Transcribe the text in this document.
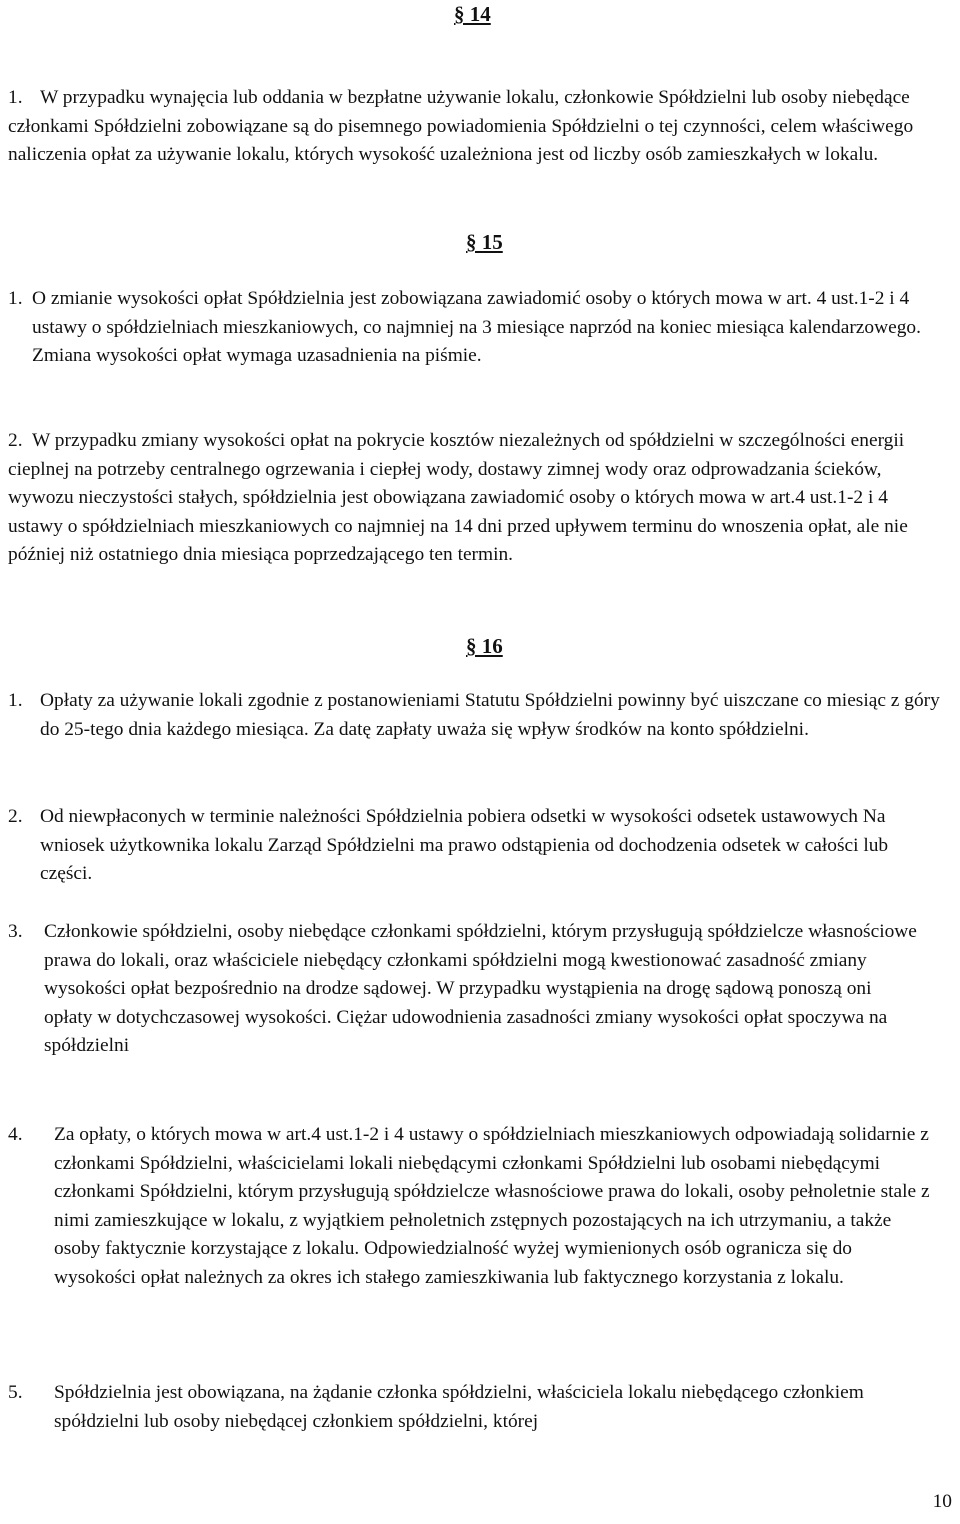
§ 14
1. W przypadku wynajęcia lub oddania w bezpłatne używanie lokalu, członkowie Spółdzielni lub osoby niebędące członkami Spółdzielni zobowiązane są do pisemnego powiadomienia Spółdzielni o tej czynności, celem właściwego naliczenia opłat za używanie lokalu, których wysokość uzależniona jest od liczby osób zamieszkałych w lokalu.
§ 15
1. O zmianie wysokości opłat Spółdzielnia jest zobowiązana zawiadomić osoby o których mowa w art. 4 ust.1-2 i 4 ustawy o spółdzielniach mieszkaniowych, co najmniej na 3 miesiące naprzód na koniec miesiąca kalendarzowego. Zmiana wysokości opłat wymaga uzasadnienia na piśmie.
2. W przypadku zmiany wysokości opłat na pokrycie kosztów niezależnych od spółdzielni w szczególności energii cieplnej na potrzeby centralnego ogrzewania i ciepłej wody, dostawy zimnej wody oraz odprowadzania ścieków, wywozu nieczystości stałych, spółdzielnia jest obowiązana zawiadomić osoby o których mowa w art.4 ust.1-2 i 4 ustawy o spółdzielniach mieszkaniowych co najmniej na 14 dni przed upływem terminu do wnoszenia opłat, ale nie później niż ostatniego dnia miesiąca poprzedzającego ten termin.
§ 16
1. Opłaty za używanie lokali zgodnie z postanowieniami Statutu Spółdzielni powinny być uiszczane co miesiąc z góry do 25-tego dnia każdego miesiąca. Za datę zapłaty uważa się wpływ środków na konto spółdzielni.
2. Od niewpłaconych w terminie należności Spółdzielnia pobiera odsetki w wysokości odsetek ustawowych Na wniosek użytkownika lokalu Zarząd Spółdzielni ma prawo odstąpienia od dochodzenia odsetek w całości lub części.
3. Członkowie spółdzielni, osoby niebędące członkami spółdzielni, którym przysługują spółdzielcze własnościowe prawa do lokali, oraz właściciele niebędący członkami spółdzielni mogą kwestionować zasadność zmiany wysokości opłat bezpośrednio na drodze sądowej. W przypadku wystąpienia na drogę sądową ponoszą oni opłaty w dotychczasowej wysokości. Ciężar udowodnienia zasadności zmiany wysokości opłat spoczywa na spółdzielni
4. Za opłaty, o których mowa w art.4 ust.1-2 i 4 ustawy o spółdzielniach mieszkaniowych odpowiadają solidarnie z członkami Spółdzielni, właścicielami lokali niebędącymi członkami Spółdzielni lub osobami niebędącymi członkami Spółdzielni, którym przysługują spółdzielcze własnościowe prawa do lokali, osoby pełnoletnie stale z nimi zamieszkujące w lokalu, z wyjątkiem pełnoletnich zstępnych pozostających na ich utrzymaniu, a także osoby faktycznie korzystające z lokalu. Odpowiedzialność wyżej wymienionych osób ogranicza się do wysokości opłat należnych za okres ich stałego zamieszkiwania lub faktycznego korzystania z lokalu.
5. Spółdzielnia jest obowiązana, na żądanie członka spółdzielni, właściciela lokalu niebędącego członkiem spółdzielni lub osoby niebędącej członkiem spółdzielni, której
10
